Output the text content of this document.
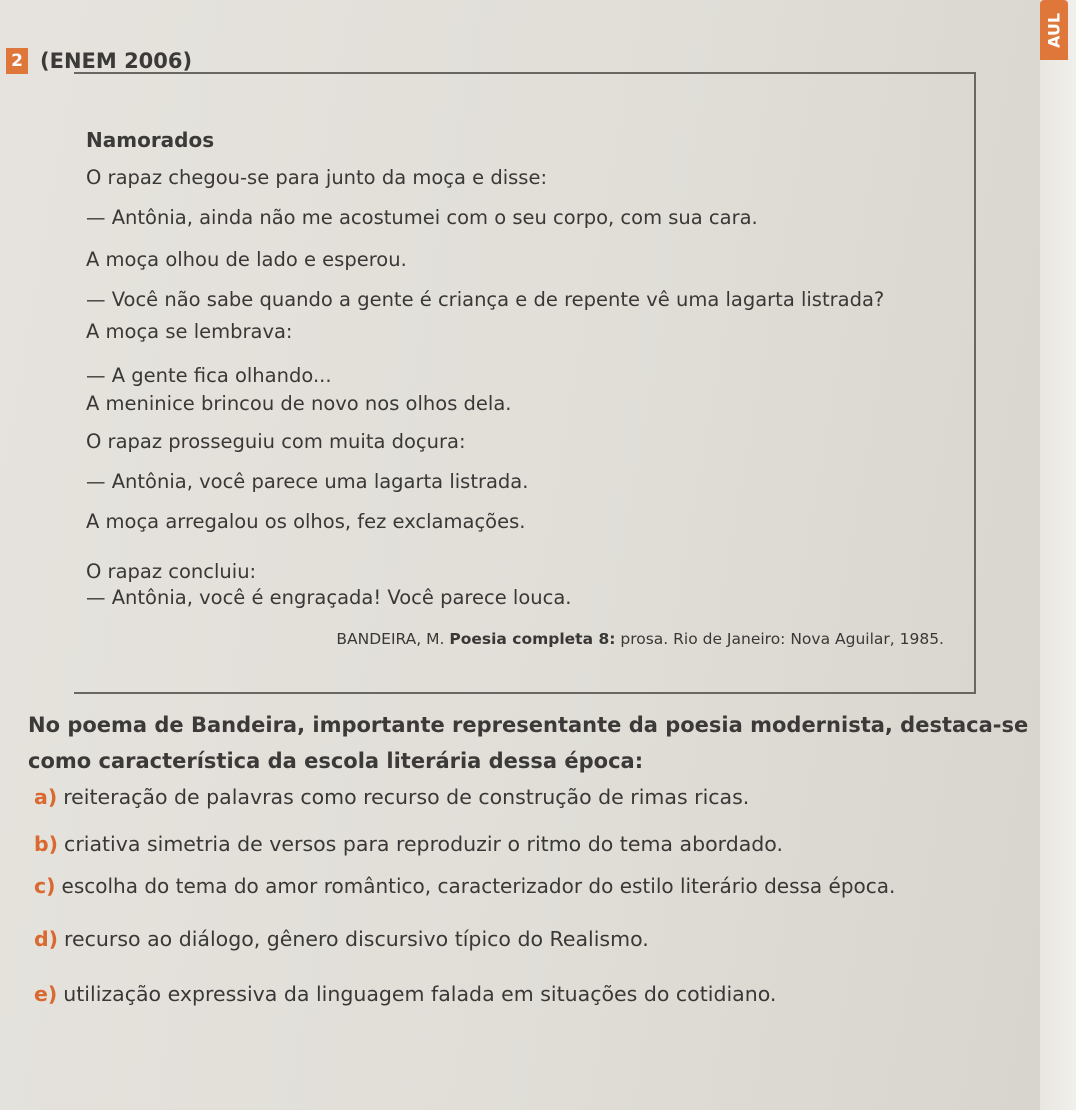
AUL
2 (ENEM 2006)
Namorados
O rapaz chegou-se para junto da moça e disse:
— Antônia, ainda não me acostumei com o seu corpo, com sua cara.
A moça olhou de lado e esperou.
— Você não sabe quando a gente é criança e de repente vê uma lagarta listrada?
A moça se lembrava:
— A gente fica olhando...
A meninice brincou de novo nos olhos dela.
O rapaz prosseguiu com muita doçura:
— Antônia, você parece uma lagarta listrada.
A moça arregalou os olhos, fez exclamações.
O rapaz concluiu:
— Antônia, você é engraçada! Você parece louca.
BANDEIRA, M. Poesia completa 8: prosa. Rio de Janeiro: Nova Aguilar, 1985.
No poema de Bandeira, importante representante da poesia modernista, destaca-se
como característica da escola literária dessa época:
a) reiteração de palavras como recurso de construção de rimas ricas.
b) criativa simetria de versos para reproduzir o ritmo do tema abordado.
c) escolha do tema do amor romântico, caracterizador do estilo literário dessa época.
d) recurso ao diálogo, gênero discursivo típico do Realismo.
e) utilização expressiva da linguagem falada em situações do cotidiano.
